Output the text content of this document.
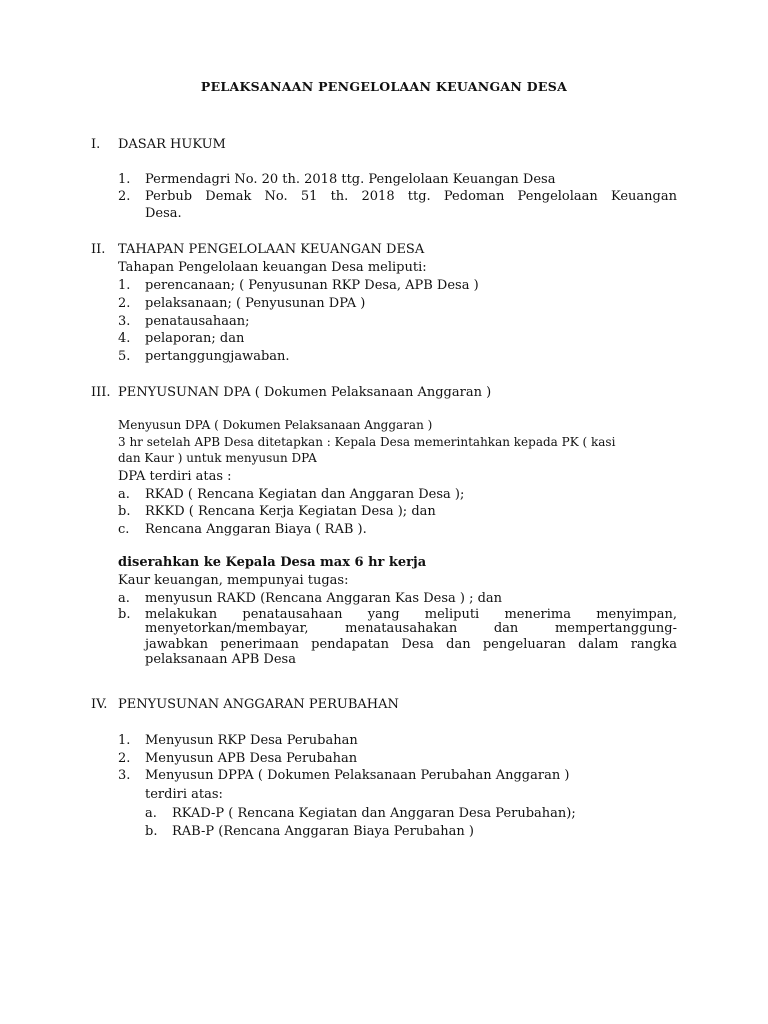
PELAKSANAAN PENGELOLAAN KEUANGAN DESA
I. DASAR HUKUM
1. Permendagri No. 20 th. 2018 ttg. Pengelolaan Keuangan Desa
2. Perbub Demak No. 51 th. 2018 ttg. Pedoman Pengelolaan Keuangan
Desa.
II. TAHAPAN PENGELOLAAN KEUANGAN DESA
Tahapan Pengelolaan keuangan Desa meliputi:
1. perencanaan; ( Penyusunan RKP Desa, APB Desa )
2. pelaksanaan; ( Penyusunan DPA )
3. penatausahaan;
4. pelaporan; dan
5. pertanggungjawaban.
III. PENYUSUNAN DPA ( Dokumen Pelaksanaan Anggaran )
Menyusun DPA ( Dokumen Pelaksanaan Anggaran )
3 hr setelah APB Desa ditetapkan : Kepala Desa memerintahkan kepada PK ( kasi
dan Kaur ) untuk menyusun DPA
DPA terdiri atas :
a. RKAD ( Rencana Kegiatan dan Anggaran Desa );
b. RKKD ( Rencana Kerja Kegiatan Desa ); dan
c. Rencana Anggaran Biaya ( RAB ).
diserahkan ke Kepala Desa max 6 hr kerja
Kaur keuangan, mempunyai tugas:
a. menyusun RAKD (Rencana Anggaran Kas Desa ) ; dan
b. melakukan penatausahaan yang meliputi menerima menyimpan,
menyetorkan/membayar, menatausahakan dan mempertanggung-
jawabkan penerimaan pendapatan Desa dan pengeluaran dalam rangka
pelaksanaan APB Desa
IV. PENYUSUNAN ANGGARAN PERUBAHAN
1. Menyusun RKP Desa Perubahan
2. Menyusun APB Desa Perubahan
3. Menyusun DPPA ( Dokumen Pelaksanaan Perubahan Anggaran )
terdiri atas:
a. RKAD-P ( Rencana Kegiatan dan Anggaran Desa Perubahan);
b. RAB-P (Rencana Anggaran Biaya Perubahan )
